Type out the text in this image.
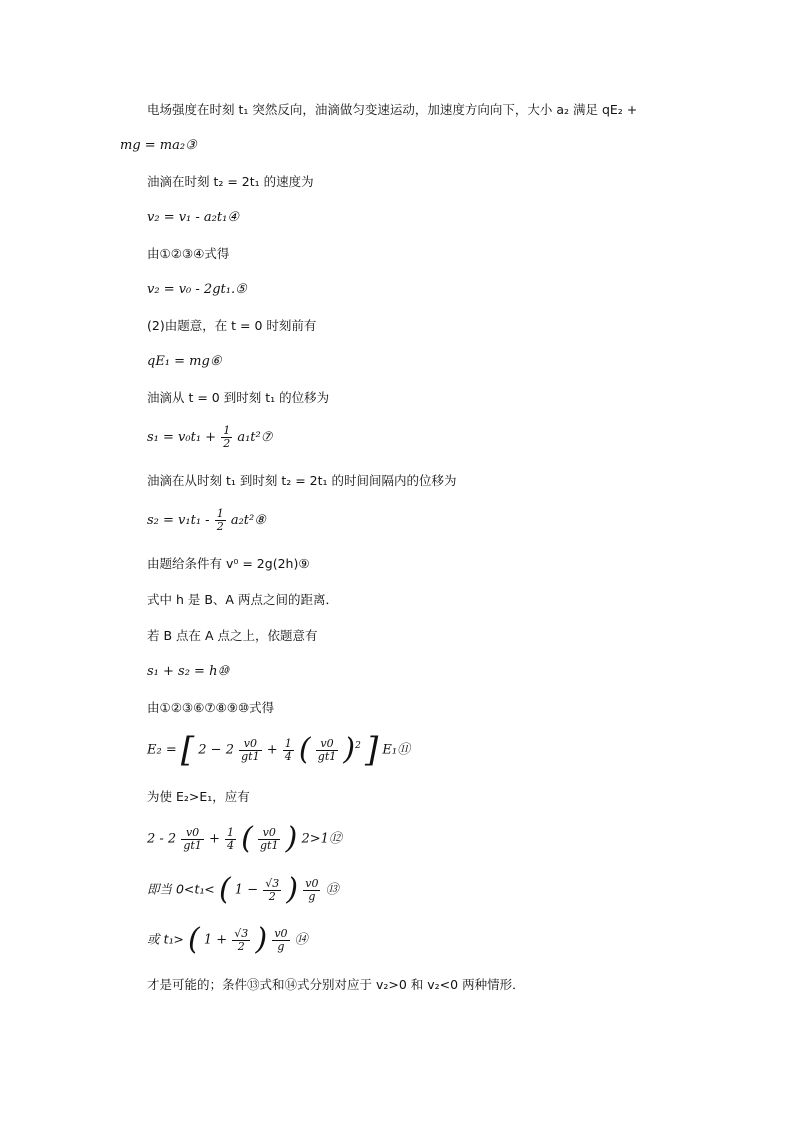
电场强度在时刻 t₁ 突然反向，油滴做匀变速运动，加速度方向向下，大小 a₂ 满足 qE₂ +
mg = ma₂③
油滴在时刻 t₂ = 2t₁ 的速度为
v₂ = v₁ - a₂t₁④
由①②③④式得
v₂ = v₀ - 2gt₁.⑤
(2)由题意，在 t = 0 时刻前有
qE₁ = mg⑥
油滴从 t = 0 到时刻 t₁ 的位移为
$s_1 = v_0t_1 + \frac{1}{2}$ a₁t²⑦
油滴在从时刻 t₁ 到时刻 t₂ = 2t₁ 的时间间隔内的位移为
$s_2 = v_1t_1 - \frac{1}{2}$ a₂t²⑧
由题给条件有 v⁰ = 2g(2h)⑨
式中 h 是 B、A 两点之间的距离．
若 B 点在 A 点之上，依题意有
s₁ + s₂ = h⑩
由①②③⑥⑦⑧⑨⑩式得
E₂ = [ $2 - 2 \frac{v0}{gt1} + \frac{1}{4}$ ( $\frac{v0}{gt1} )^2$ ] E₁⑪
为使 E₂>E₁，应有
$2 - 2 \frac{v0}{gt1} + \frac{1}{4}$ ( $\frac{v0}{gt1}$ ) 2>1⑫
即当 0<t₁< ( $1 - \frac{√3}{2}$ ) $\frac{v0}{g}$ ⑬
或 t₁> ( $1 + \frac{√3}{2}$ ) $\frac{v0}{g}$ ⑭
才是可能的；条件⑬式和⑭式分别对应于 v₂>0 和 v₂<0 两种情形．
